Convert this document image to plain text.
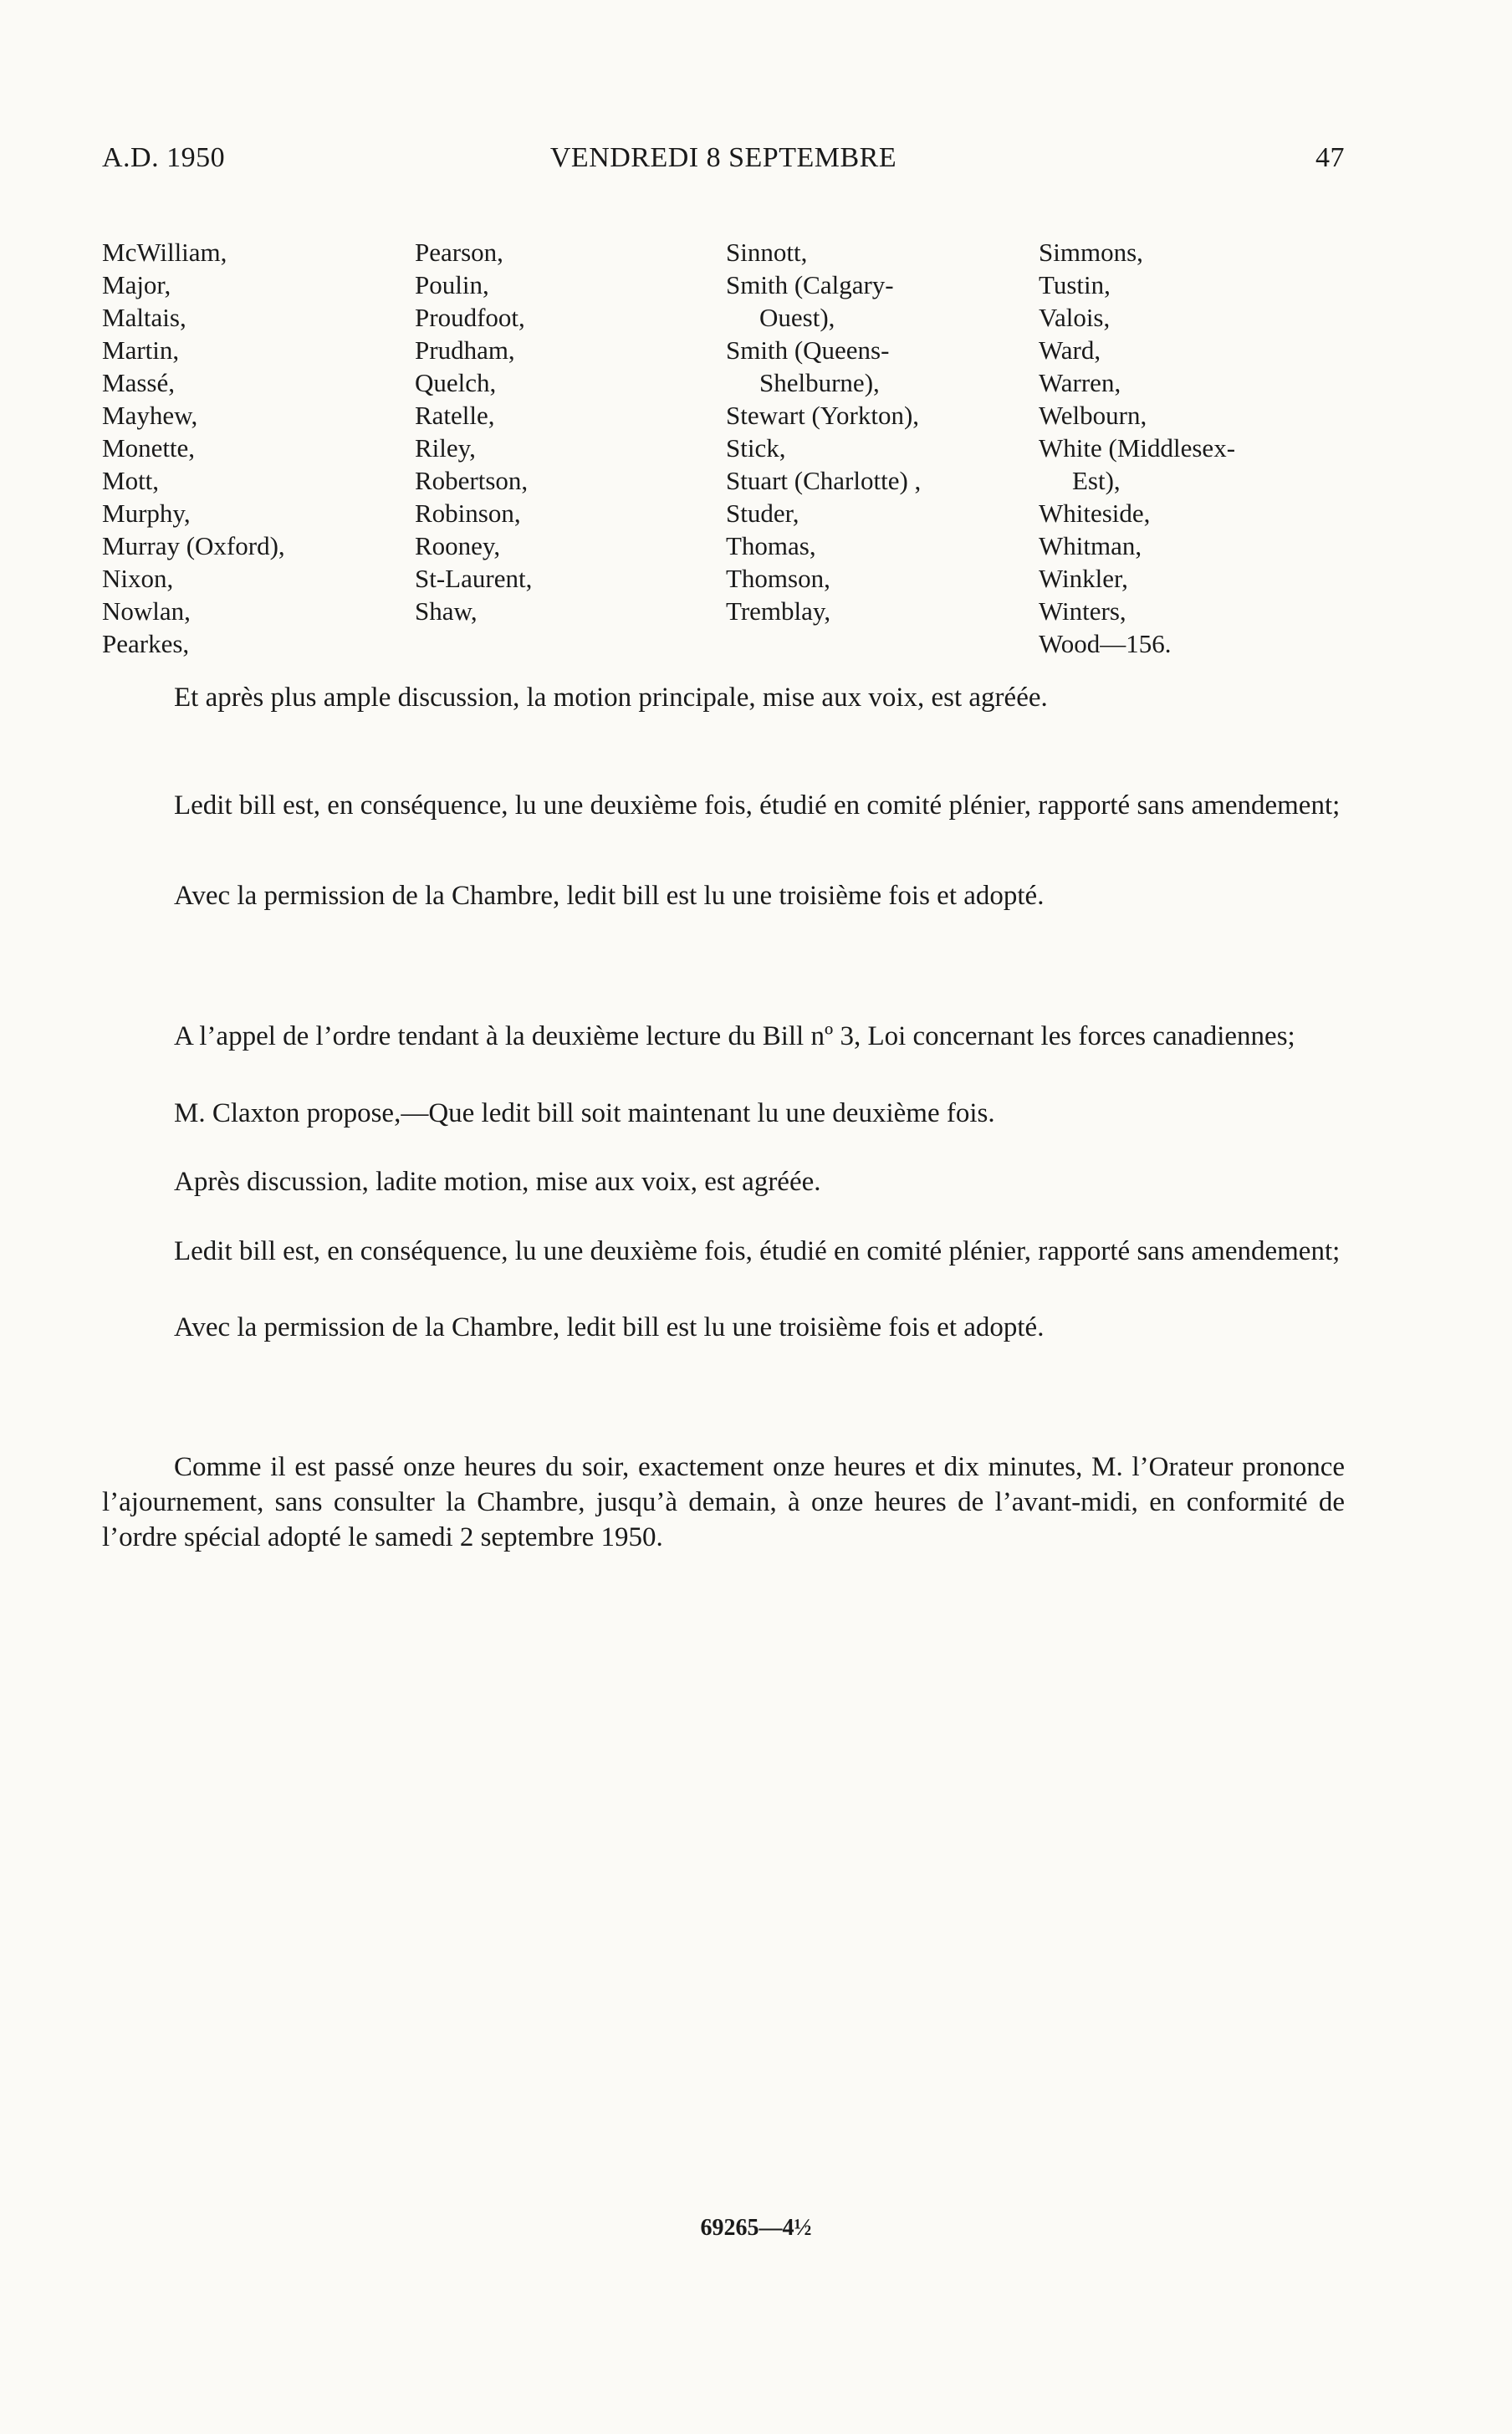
A.D. 1950	VENDREDI 8 SEPTEMBRE	47
McWilliam,
Major,
Maltais,
Martin,
Massé,
Mayhew,
Monette,
Mott,
Murphy,
Murray (Oxford),
Nixon,
Nowlan,
Pearkes,
Pearson,
Poulin,
Proudfoot,
Prudham,
Quelch,
Ratelle,
Riley,
Robertson,
Robinson,
Rooney,
St-Laurent,
Shaw,
Sinnott,
Smith (Calgary-
Ouest),
Smith (Queens-
Shelburne),
Stewart (Yorkton),
Stick,
Stuart (Charlotte) ,
Studer,
Thomas,
Thomson,
Tremblay,
Simmons,
Tustin,
Valois,
Ward,
Warren,
Welbourn,
White (Middlesex-
Est),
Whiteside,
Whitman,
Winkler,
Winters,
Wood—156.

Et après plus ample discussion, la motion principale, mise aux voix, est agréée.

Ledit bill est, en conséquence, lu une deuxième fois, étudié en comité plénier, rapporté sans amendement;

Avec la permission de la Chambre, ledit bill est lu une troisième fois et adopté.

A l’appel de l’ordre tendant à la deuxième lecture du Bill nº 3, Loi concernant les forces canadiennes;

M. Claxton propose,—Que ledit bill soit maintenant lu une deuxième fois.

Après discussion, ladite motion, mise aux voix, est agréée.

Ledit bill est, en conséquence, lu une deuxième fois, étudié en comité plénier, rapporté sans amendement;

Avec la permission de la Chambre, ledit bill est lu une troisième fois et adopté.

Comme il est passé onze heures du soir, exactement onze heures et dix minutes, M. l’Orateur prononce l’ajournement, sans consulter la Chambre, jusqu’à demain, à onze heures de l’avant-midi, en conformité de l’ordre spécial adopté le samedi 2 septembre 1950.

69265—4½
